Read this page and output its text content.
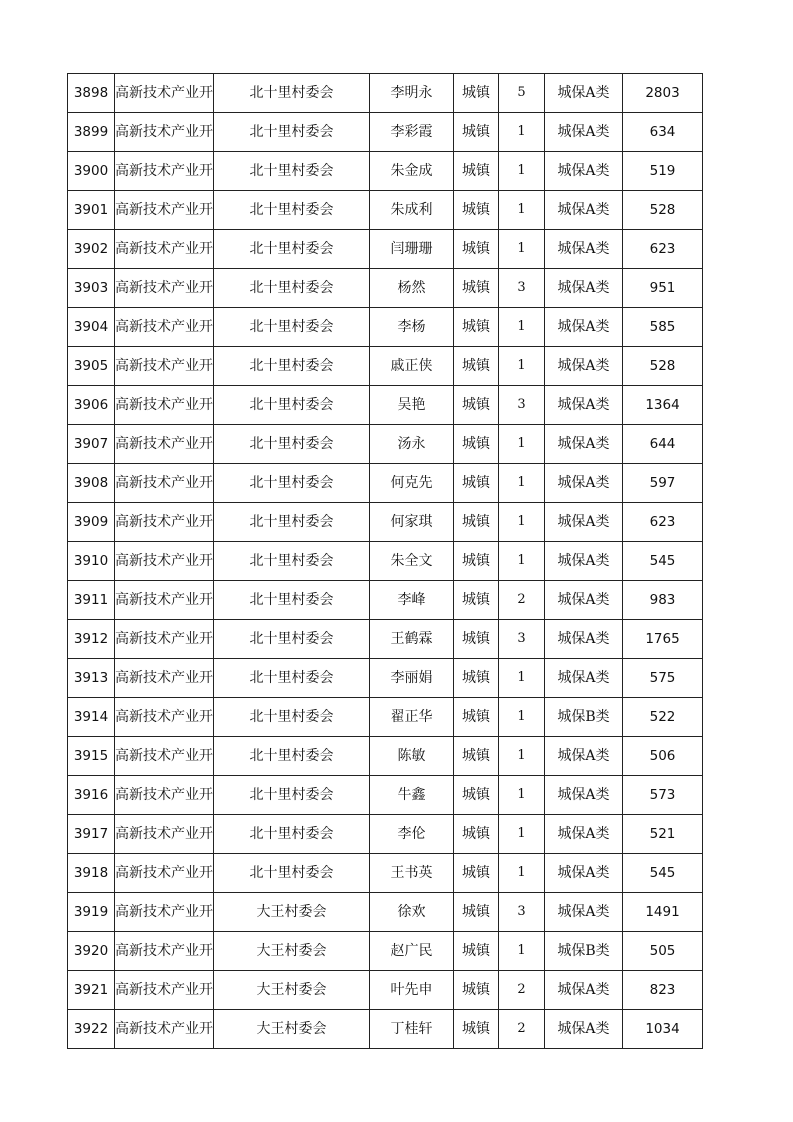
3898	高新技术产业开	北十里村委会	李明永	城镇	5	城保A类	2803
3899	高新技术产业开	北十里村委会	李彩霞	城镇	1	城保A类	634
3900	高新技术产业开	北十里村委会	朱金成	城镇	1	城保A类	519
3901	高新技术产业开	北十里村委会	朱成利	城镇	1	城保A类	528
3902	高新技术产业开	北十里村委会	闫珊珊	城镇	1	城保A类	623
3903	高新技术产业开	北十里村委会	杨然	城镇	3	城保A类	951
3904	高新技术产业开	北十里村委会	李杨	城镇	1	城保A类	585
3905	高新技术产业开	北十里村委会	戚正侠	城镇	1	城保A类	528
3906	高新技术产业开	北十里村委会	吴艳	城镇	3	城保A类	1364
3907	高新技术产业开	北十里村委会	汤永	城镇	1	城保A类	644
3908	高新技术产业开	北十里村委会	何克先	城镇	1	城保A类	597
3909	高新技术产业开	北十里村委会	何家琪	城镇	1	城保A类	623
3910	高新技术产业开	北十里村委会	朱全文	城镇	1	城保A类	545
3911	高新技术产业开	北十里村委会	李峰	城镇	2	城保A类	983
3912	高新技术产业开	北十里村委会	王鹤霖	城镇	3	城保A类	1765
3913	高新技术产业开	北十里村委会	李丽娟	城镇	1	城保A类	575
3914	高新技术产业开	北十里村委会	翟正华	城镇	1	城保B类	522
3915	高新技术产业开	北十里村委会	陈敏	城镇	1	城保A类	506
3916	高新技术产业开	北十里村委会	牛鑫	城镇	1	城保A类	573
3917	高新技术产业开	北十里村委会	李伦	城镇	1	城保A类	521
3918	高新技术产业开	北十里村委会	王书英	城镇	1	城保A类	545
3919	高新技术产业开	大王村委会	徐欢	城镇	3	城保A类	1491
3920	高新技术产业开	大王村委会	赵广民	城镇	1	城保B类	505
3921	高新技术产业开	大王村委会	叶先申	城镇	2	城保A类	823
3922	高新技术产业开	大王村委会	丁桂轩	城镇	2	城保A类	1034
